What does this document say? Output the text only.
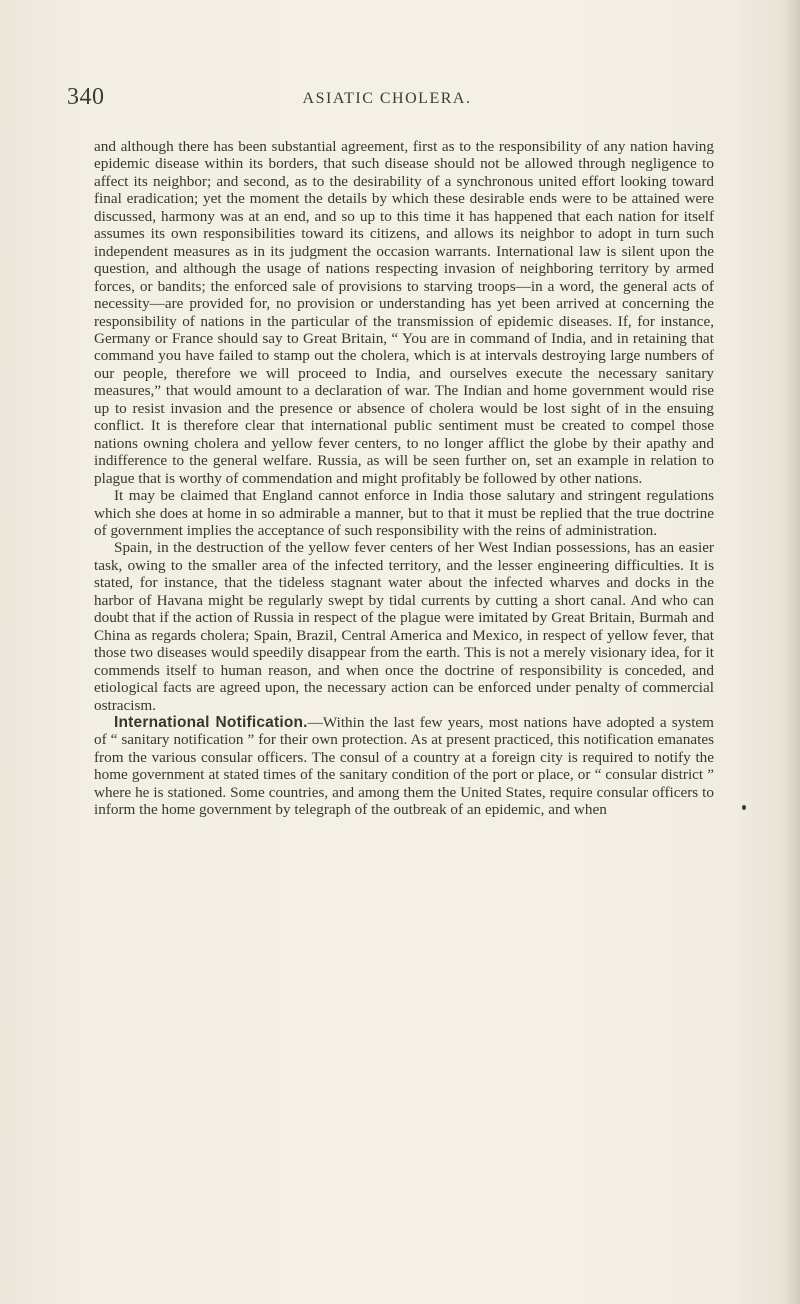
340	ASIATIC CHOLERA.

and although there has been substantial agreement, first as to the responsibility of any nation having epidemic disease within its borders, that such disease should not be allowed through negligence to affect its neighbor; and second, as to the desirability of a synchronous united effort looking toward final eradication; yet the moment the details by which these desirable ends were to be attained were discussed, harmony was at an end, and so up to this time it has happened that each nation for itself assumes its own responsibilities toward its citizens, and allows its neighbor to adopt in turn such independent measures as in its judgment the occasion warrants. International law is silent upon the question, and although the usage of nations respecting invasion of neighboring territory by armed forces, or bandits; the enforced sale of provisions to starving troops—in a word, the general acts of necessity—are provided for, no provision or understanding has yet been arrived at concerning the responsibility of nations in the particular of the transmission of epidemic diseases. If, for instance, Germany or France should say to Great Britain, “ You are in command of India, and in retaining that command you have failed to stamp out the cholera, which is at intervals destroying large numbers of our people, therefore we will proceed to India, and ourselves execute the necessary sanitary measures,” that would amount to a declaration of war. The Indian and home government would rise up to resist invasion and the presence or absence of cholera would be lost sight of in the ensuing conflict. It is therefore clear that international public sentiment must be created to compel those nations owning cholera and yellow fever centers, to no longer afflict the globe by their apathy and indifference to the general welfare. Russia, as will be seen further on, set an example in relation to plague that is worthy of commendation and might profitably be followed by other nations.

It may be claimed that England cannot enforce in India those salutary and stringent regulations which she does at home in so admirable a manner, but to that it must be replied that the true doctrine of government implies the acceptance of such responsibility with the reins of administration.

Spain, in the destruction of the yellow fever centers of her West Indian possessions, has an easier task, owing to the smaller area of the infected territory, and the lesser engineering difficulties. It is stated, for instance, that the tideless stagnant water about the infected wharves and docks in the harbor of Havana might be regularly swept by tidal currents by cutting a short canal. And who can doubt that if the action of Russia in respect of the plague were imitated by Great Britain, Burmah and China as regards cholera; Spain, Brazil, Central America and Mexico, in respect of yellow fever, that those two diseases would speedily disappear from the earth. This is not a merely visionary idea, for it commends itself to human reason, and when once the doctrine of responsibility is conceded, and etiological facts are agreed upon, the necessary action can be enforced under penalty of commercial ostracism.

International Notification.—Within the last few years, most nations have adopted a system of “ sanitary notification ” for their own protection. As at present practiced, this notification emanates from the various consular officers. The consul of a country at a foreign city is required to notify the home government at stated times of the sanitary condition of the port or place, or “ consular district ” where he is stationed. Some countries, and among them the United States, require consular officers to inform the home government by telegraph of the outbreak of an epidemic, and when
